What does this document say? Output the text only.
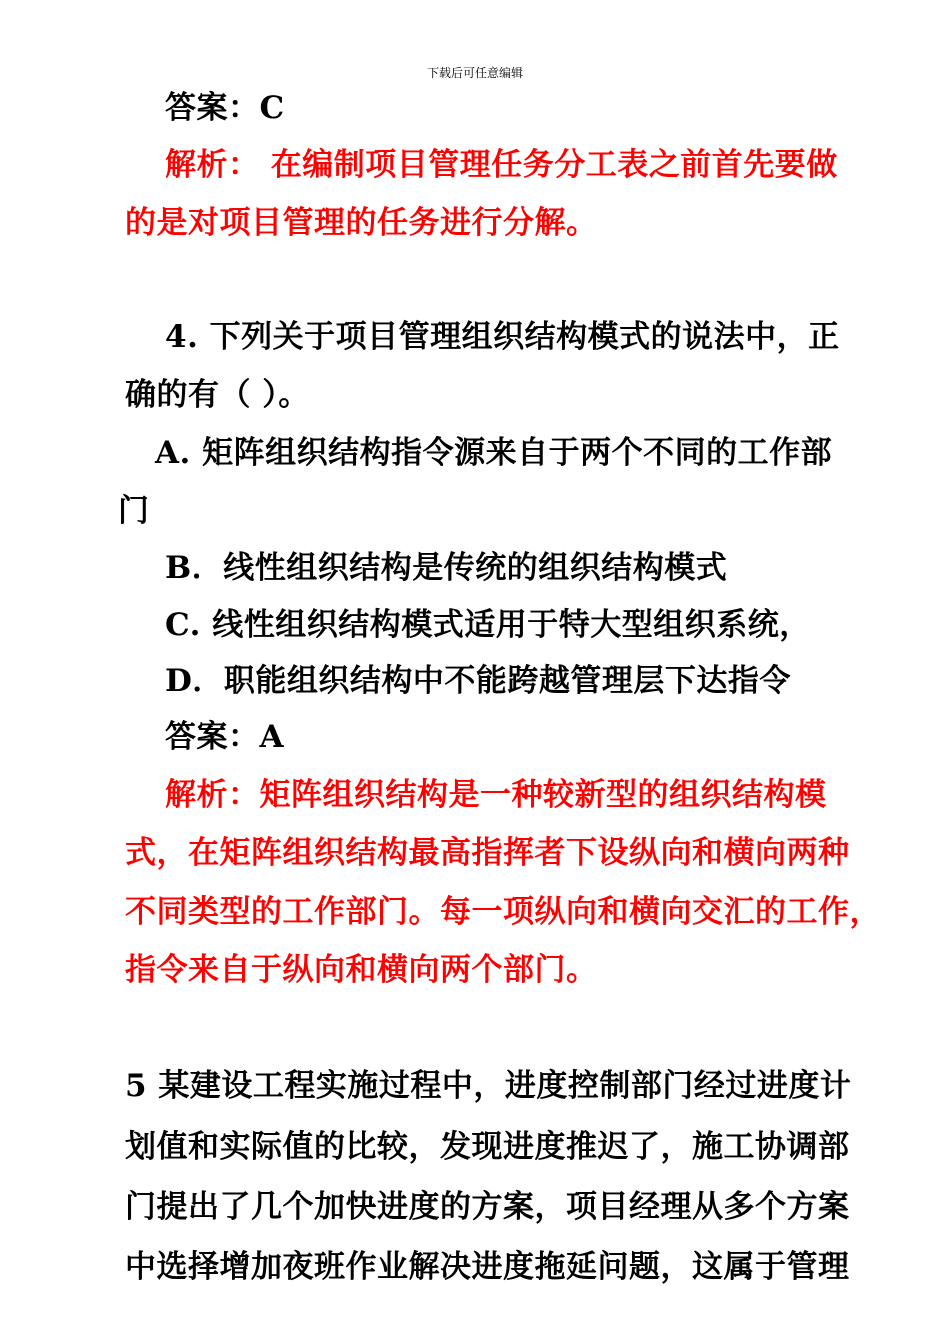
下载后可任意编辑
答案：C
解析： 在编制项目管理任务分工表之前首先要做
的是对项目管理的任务进行分解。
4. 下列关于项目管理组织结构模式的说法中，正
确的有（ ）。
A. 矩阵组织结构指令源来自于两个不同的工作部
门
B．线性组织结构是传统的组织结构模式
C. 线性组织结构模式适用于特大型组织系统，
D．职能组织结构中不能跨越管理层下达指令
答案：A
解析：矩阵组织结构是一种较新型的组织结构模
式，在矩阵组织结构最高指挥者下设纵向和横向两种
不同类型的工作部门。每一项纵向和横向交汇的工作，
指令来自于纵向和横向两个部门。
5 某建设工程实施过程中，进度控制部门经过进度计
划值和实际值的比较，发现进度推迟了，施工协调部
门提出了几个加快进度的方案，项目经理从多个方案
中选择增加夜班作业解决进度拖延问题，这属于管理
